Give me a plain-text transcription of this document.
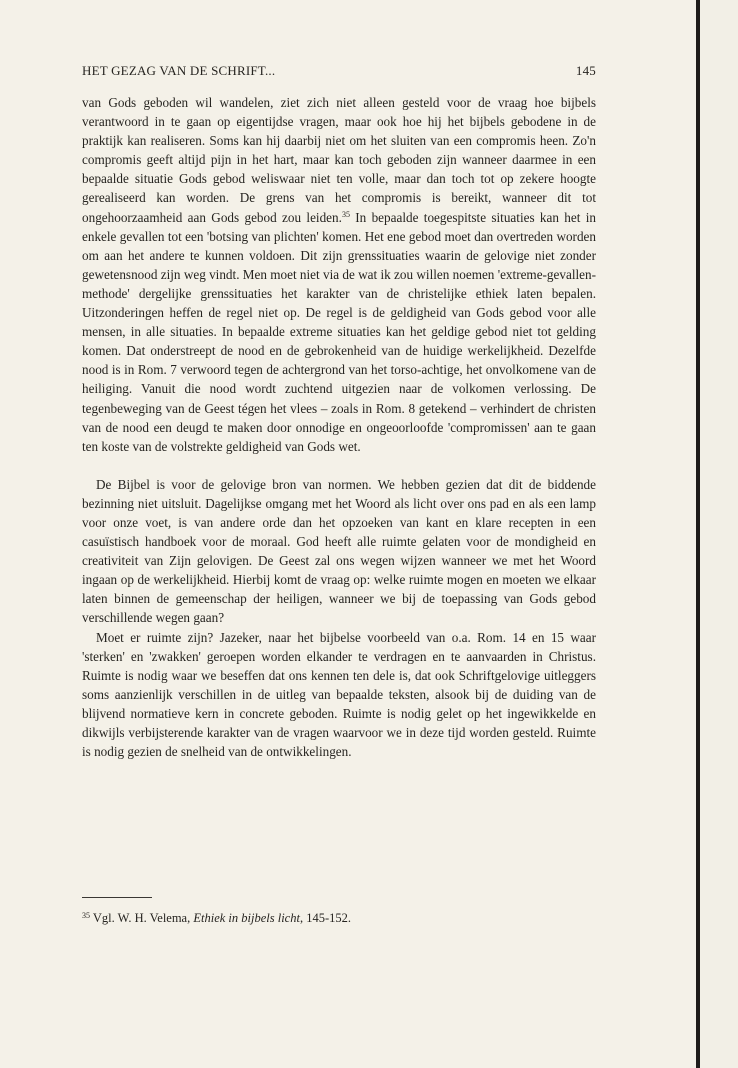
HET GEZAG VAN DE SCHRIFT...	145

van Gods geboden wil wandelen, ziet zich niet alleen gesteld voor de vraag hoe bijbels verantwoord in te gaan op eigentijdse vragen, maar ook hoe hij het bijbels gebodene in de praktijk kan realiseren. Soms kan hij daarbij niet om het sluiten van een compromis heen. Zo'n compromis geeft altijd pijn in het hart, maar kan toch geboden zijn wanneer daarmee in een bepaalde situatie Gods gebod weliswaar niet ten volle, maar dan toch tot op zekere hoogte gerealiseerd kan worden. De grens van het compromis is bereikt, wanneer dit tot ongehoorzaamheid aan Gods gebod zou leiden.$^{35}$ In bepaalde toegespitste situaties kan het in enkele gevallen tot een 'botsing van plichten' komen. Het ene gebod moet dan overtreden worden om aan het andere te kunnen voldoen. Dit zijn grenssituaties waarin de gelovige niet zonder gewetensnood zijn weg vindt. Men moet niet via de wat ik zou willen noemen 'extreme-gevallen-methode' dergelijke grenssituaties het karakter van de christelijke ethiek laten bepalen. Uitzonderingen heffen de regel niet op. De regel is de geldigheid van Gods gebod voor alle mensen, in alle situaties. In bepaalde extreme situaties kan het geldige gebod niet tot gelding komen. Dat onderstreept de nood en de gebrokenheid van de huidige werkelijkheid. Dezelfde nood is in Rom. 7 verwoord tegen de achtergrond van het torso-achtige, het onvolkomene van de heiliging. Vanuit die nood wordt zuchtend uitgezien naar de volkomen verlossing. De tegenbeweging van de Geest tégen het vlees – zoals in Rom. 8 getekend – verhindert de christen van de nood een deugd te maken door onnodige en ongeoorloofde 'compromissen' aan te gaan ten koste van de volstrekte geldigheid van Gods wet.

De Bijbel is voor de gelovige bron van normen. We hebben gezien dat dit de biddende bezinning niet uitsluit. Dagelijkse omgang met het Woord als licht over ons pad en als een lamp voor onze voet, is van andere orde dan het opzoeken van kant en klare recepten in een casuïstisch handboek voor de moraal. God heeft alle ruimte gelaten voor de mondigheid en creativiteit van Zijn gelovigen. De Geest zal ons wegen wijzen wanneer we met het Woord ingaan op de werkelijkheid. Hierbij komt de vraag op: welke ruimte mogen en moeten we elkaar laten binnen de gemeenschap der heiligen, wanneer we bij de toepassing van Gods gebod verschillende wegen gaan?

Moet er ruimte zijn? Jazeker, naar het bijbelse voorbeeld van o.a. Rom. 14 en 15 waar 'sterken' en 'zwakken' geroepen worden elkander te verdragen en te aanvaarden in Christus. Ruimte is nodig waar we beseffen dat ons kennen ten dele is, dat ook Schriftgelovige uitleggers soms aanzienlijk verschillen in de uitleg van bepaalde teksten, alsook bij de duiding van de blijvend normatieve kern in concrete geboden. Ruimte is nodig gelet op het ingewikkelde en dikwijls verbijsterende karakter van de vragen waarvoor we in deze tijd worden gesteld. Ruimte is nodig gezien de snelheid van de ontwikkelingen.

$^{35}$ Vgl. W. H. Velema, Ethiek in bijbels licht, 145-152.
